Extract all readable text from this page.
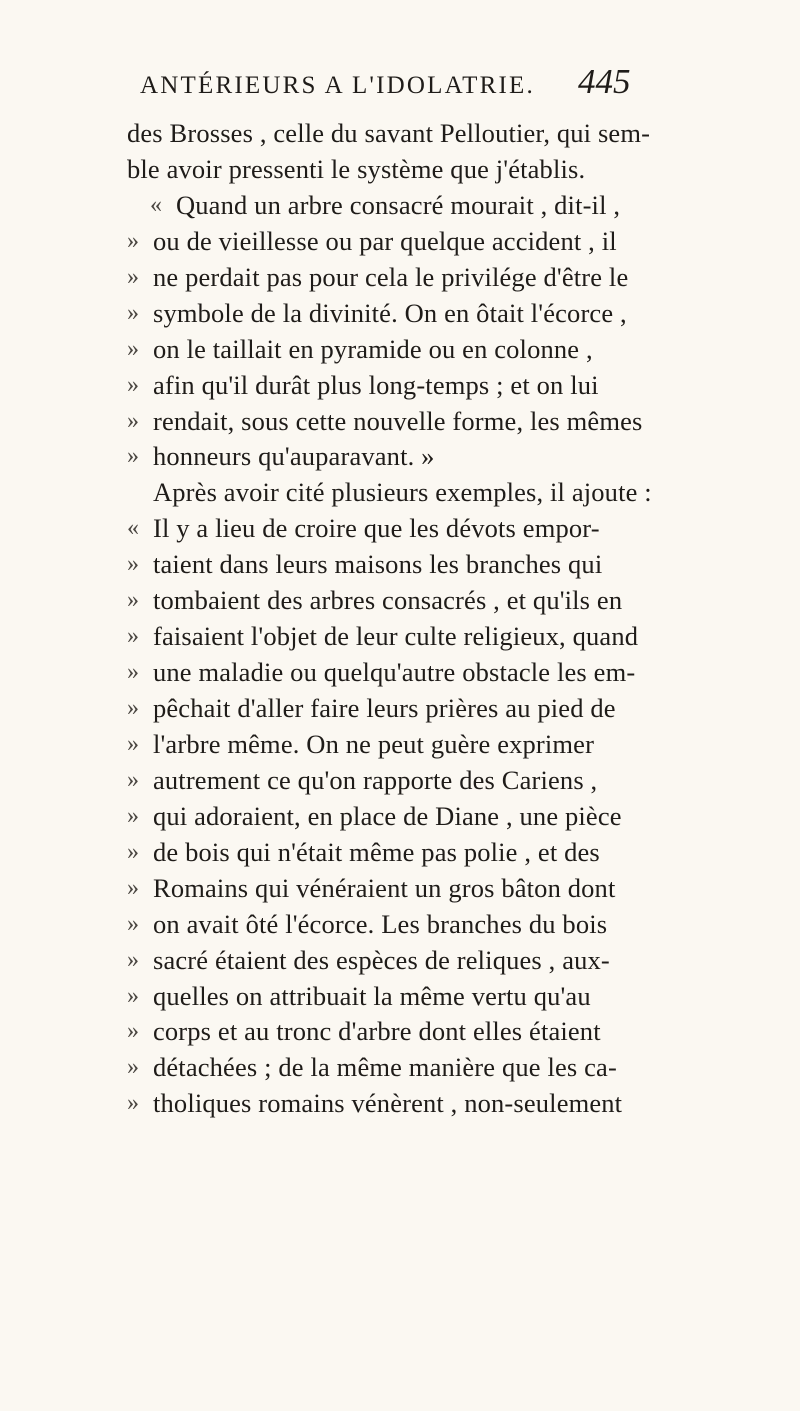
ANTÉRIEURS A L'IDOLATRIE. 445
des Brosses , celle du savant Pelloutier, qui sem-
ble avoir pressenti le système que j'établis.
« Quand un arbre consacré mourait , dit-il ,
» ou de vieillesse ou par quelque accident , il
» ne perdait pas pour cela le privilége d'être le
» symbole de la divinité. On en ôtait l'écorce ,
» on le taillait en pyramide ou en colonne ,
» afin qu'il durât plus long-temps ; et on lui
» rendait, sous cette nouvelle forme, les mêmes
» honneurs qu'auparavant. »
Après avoir cité plusieurs exemples, il ajoute :
« Il y a lieu de croire que les dévots empor-
» taient dans leurs maisons les branches qui
» tombaient des arbres consacrés , et qu'ils en
» faisaient l'objet de leur culte religieux, quand
» une maladie ou quelqu'autre obstacle les em-
» pêchait d'aller faire leurs prières au pied de
» l'arbre même. On ne peut guère exprimer
» autrement ce qu'on rapporte des Cariens ,
» qui adoraient, en place de Diane , une pièce
» de bois qui n'était même pas polie , et des
» Romains qui vénéraient un gros bâton dont
» on avait ôté l'écorce. Les branches du bois
» sacré étaient des espèces de reliques , aux-
» quelles on attribuait la même vertu qu'au
» corps et au tronc d'arbre dont elles étaient
» détachées ; de la même manière que les ca-
» tholiques romains vénèrent , non-seulement
